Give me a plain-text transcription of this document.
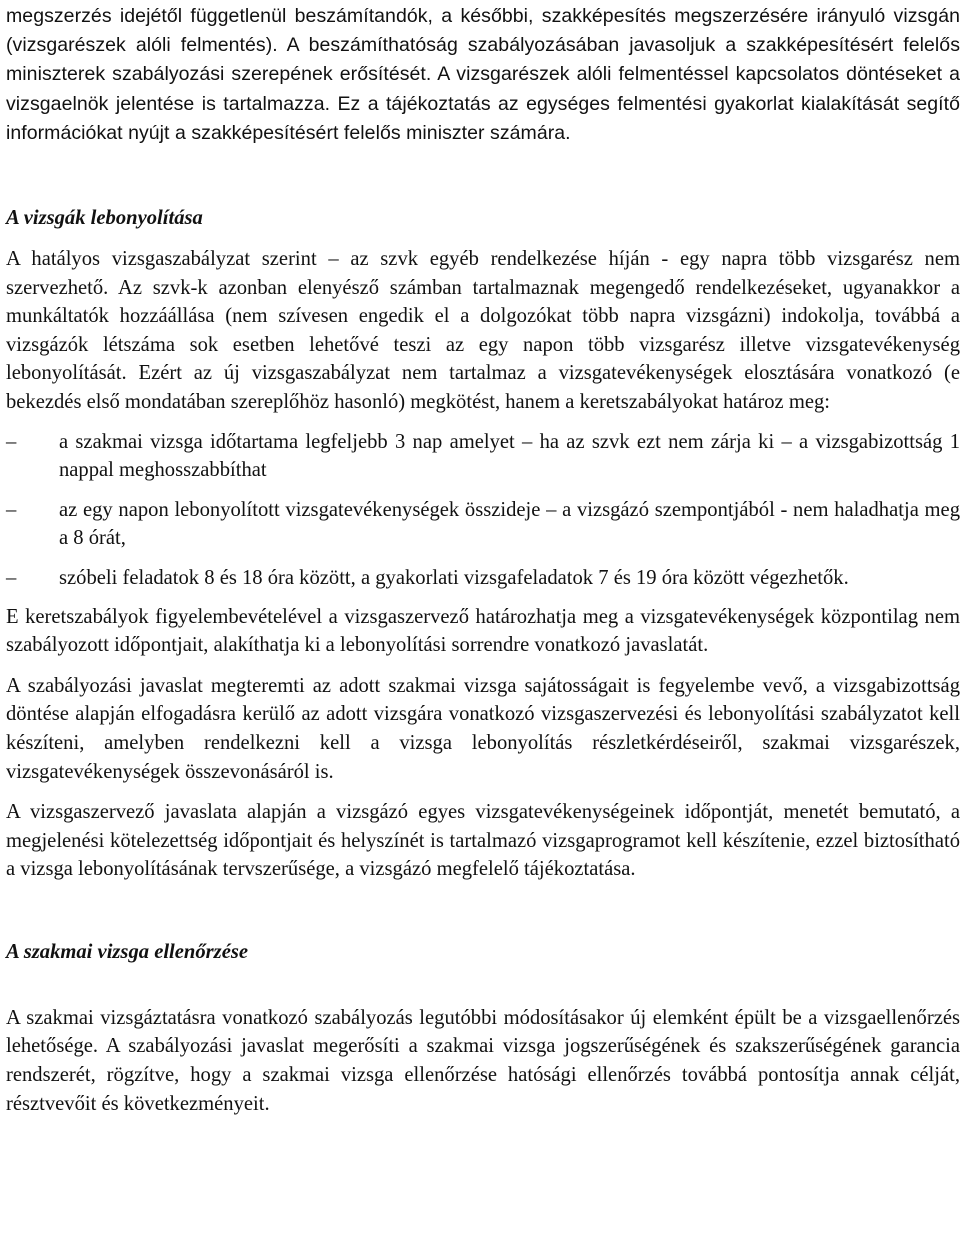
megszerzés idejétől függetlenül beszámítandók, a későbbi, szakképesítés megszerzésére irányuló vizsgán (vizsgarészek alóli felmentés). A beszámíthatóság szabályozásában javasoljuk a szakképesítésért felelős miniszterek szabályozási szerepének erősítését. A vizsgarészek alóli felmentéssel kapcsolatos döntéseket a vizsgaelnök jelentése is tartalmazza. Ez a tájékoztatás az egységes felmentési gyakorlat kialakítását segítő információkat nyújt a szakképesítésért felelős miniszter számára.

A vizsgák lebonyolítása

A hatályos vizsgaszabályzat szerint – az szvk egyéb rendelkezése híján - egy napra több vizsgarész nem szervezhető. Az szvk-k azonban elenyésző számban tartalmaznak megengedő rendelkezéseket, ugyanakkor a munkáltatók hozzáállása (nem szívesen engedik el a dolgozókat több napra vizsgázni) indokolja, továbbá a vizsgázók létszáma sok esetben lehetővé teszi az egy napon több vizsgarész illetve vizsgatevékenység lebonyolítását. Ezért az új vizsgaszabályzat nem tartalmaz a vizsgatevékenységek elosztására vonatkozó (e bekezdés első mondatában szereplőhöz hasonló) megkötést, hanem a keretszabályokat határoz meg:

–	a szakmai vizsga időtartama legfeljebb 3 nap amelyet – ha az szvk ezt nem zárja ki – a vizsgabizottság 1 nappal meghosszabbíthat
–	az egy napon lebonyolított vizsgatevékenységek összideje – a vizsgázó szempontjából - nem haladhatja meg a 8 órát,
–	szóbeli feladatok 8 és 18 óra között, a gyakorlati vizsgafeladatok 7 és 19 óra között végezhetők.

E keretszabályok figyelembevételével a vizsgaszervező határozhatja meg a vizsgatevékenységek központilag nem szabályozott időpontjait, alakíthatja ki a lebonyolítási sorrendre vonatkozó javaslatát.

A szabályozási javaslat megteremti az adott szakmai vizsga sajátosságait is fegyelembe vevő, a vizsgabizottság döntése alapján elfogadásra kerülő az adott vizsgára vonatkozó vizsgaszervezési és lebonyolítási szabályzatot kell készíteni, amelyben rendelkezni kell a vizsga lebonyolítás részletkérdéseiről, szakmai vizsgarészek, vizsgatevékenységek összevonásáról is.

A vizsgaszervező javaslata alapján a vizsgázó egyes vizsgatevékenységeinek időpontját, menetét bemutató, a megjelenési kötelezettség időpontjait és helyszínét is tartalmazó vizsgaprogramot kell készítenie, ezzel biztosítható a vizsga lebonyolításának tervszerűsége, a vizsgázó megfelelő tájékoztatása.

A szakmai vizsga ellenőrzése

A szakmai vizsgáztatásra vonatkozó szabályozás legutóbbi módosításakor új elemként épült be a vizsgaellenőrzés lehetősége. A szabályozási javaslat megerősíti a szakmai vizsga jogszerűségének és szakszerűségének garancia rendszerét, rögzítve, hogy a szakmai vizsga ellenőrzése hatósági ellenőrzés továbbá pontosítja annak célját, résztvevőit és következményeit.
